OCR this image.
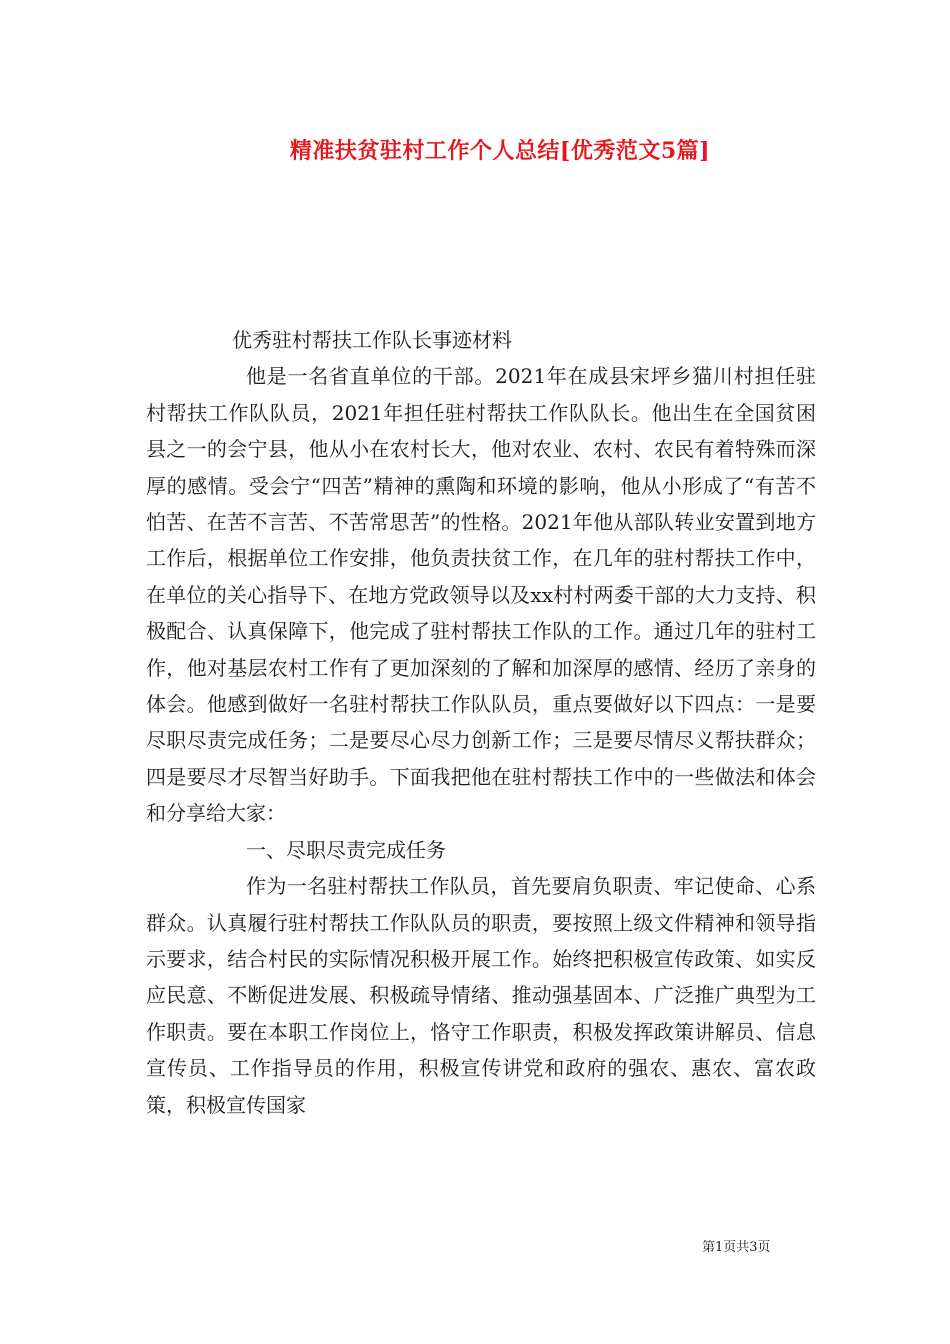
精准扶贫驻村工作个人总结[优秀范文5篇]

优秀驻村帮扶工作队长事迹材料

他是一名省直单位的干部。2021年在成县宋坪乡猫川村担任驻村帮扶工作队队员，2021年担任驻村帮扶工作队队长。他出生在全国贫困县之一的会宁县，他从小在农村长大，他对农业、农村、农民有着特殊而深厚的感情。受会宁“四苦”精神的熏陶和环境的影响，他从小形成了“有苦不怕苦、在苦不言苦、不苦常思苦”的性格。2021年他从部队转业安置到地方工作后，根据单位工作安排，他负责扶贫工作，在几年的驻村帮扶工作中，在单位的关心指导下、在地方党政领导以及xx村村两委干部的大力支持、积极配合、认真保障下，他完成了驻村帮扶工作队的工作。通过几年的驻村工作，他对基层农村工作有了更加深刻的了解和加深厚的感情、经历了亲身的体会。他感到做好一名驻村帮扶工作队队员，重点要做好以下四点：一是要尽职尽责完成任务；二是要尽心尽力创新工作；三是要尽情尽义帮扶群众；四是要尽才尽智当好助手。下面我把他在驻村帮扶工作中的一些做法和体会和分享给大家：

一、尽职尽责完成任务

作为一名驻村帮扶工作队员，首先要肩负职责、牢记使命、心系群众。认真履行驻村帮扶工作队队员的职责，要按照上级文件精神和领导指示要求，结合村民的实际情况积极开展工作。始终把积极宣传政策、如实反应民意、不断促进发展、积极疏导情绪、推动强基固本、广泛推广典型为工作职责。要在本职工作岗位上，恪守工作职责，积极发挥政策讲解员、信息宣传员、工作指导员的作用，积极宣传讲党和政府的强农、惠农、富农政策，积极宣传国家

第1页共3页
